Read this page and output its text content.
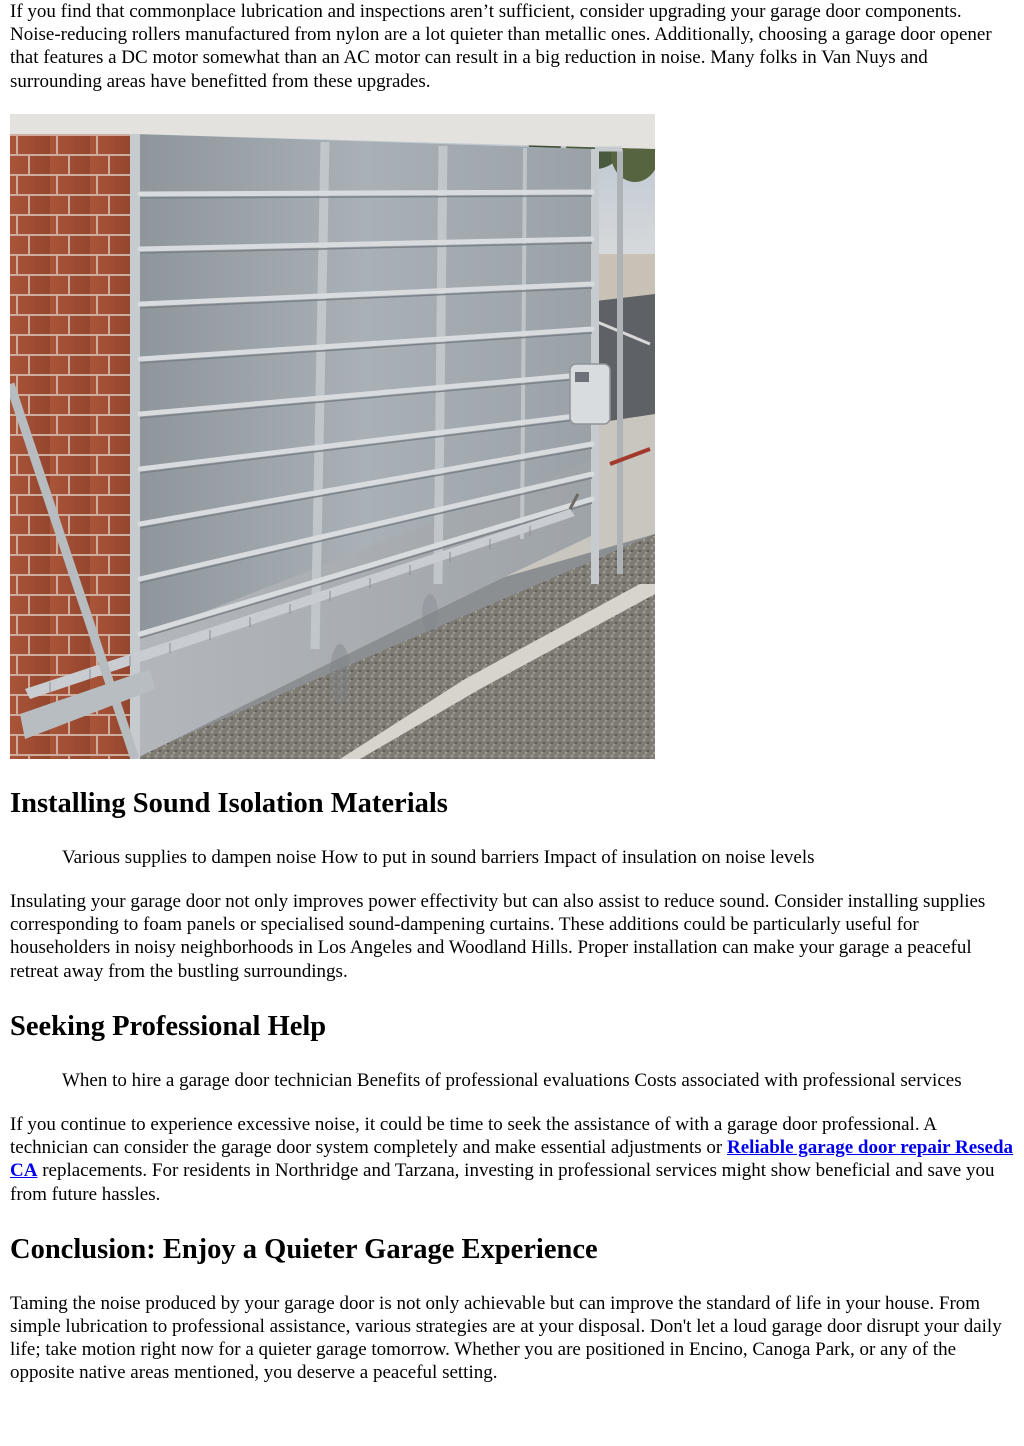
If you find that commonplace lubrication and inspections aren’t sufficient, consider upgrading your garage door components. Noise-reducing rollers manufactured from nylon are a lot quieter than metallic ones. Additionally, choosing a garage door opener that features a DC motor somewhat than an AC motor can result in a big reduction in noise. Many folks in Van Nuys and surrounding areas have benefitted from these upgrades.

Installing Sound Isolation Materials

Various supplies to dampen noise How to put in sound barriers Impact of insulation on noise levels

Insulating your garage door not only improves power effectivity but can also assist to reduce sound. Consider installing supplies corresponding to foam panels or specialised sound-dampening curtains. These additions could be particularly useful for householders in noisy neighborhoods in Los Angeles and Woodland Hills. Proper installation can make your garage a peaceful retreat away from the bustling surroundings.

Seeking Professional Help

When to hire a garage door technician Benefits of professional evaluations Costs associated with professional services

If you continue to experience excessive noise, it could be time to seek the assistance of with a garage door professional. A technician can consider the garage door system completely and make essential adjustments or Reliable garage door repair Reseda CA replacements. For residents in Northridge and Tarzana, investing in professional services might show beneficial and save you from future hassles.

Conclusion: Enjoy a Quieter Garage Experience

Taming the noise produced by your garage door is not only achievable but can improve the standard of life in your house. From simple lubrication to professional assistance, various strategies are at your disposal. Don't let a loud garage door disrupt your daily life; take motion right now for a quieter garage tomorrow. Whether you are positioned in Encino, Canoga Park, or any of the opposite native areas mentioned, you deserve a peaceful setting.
